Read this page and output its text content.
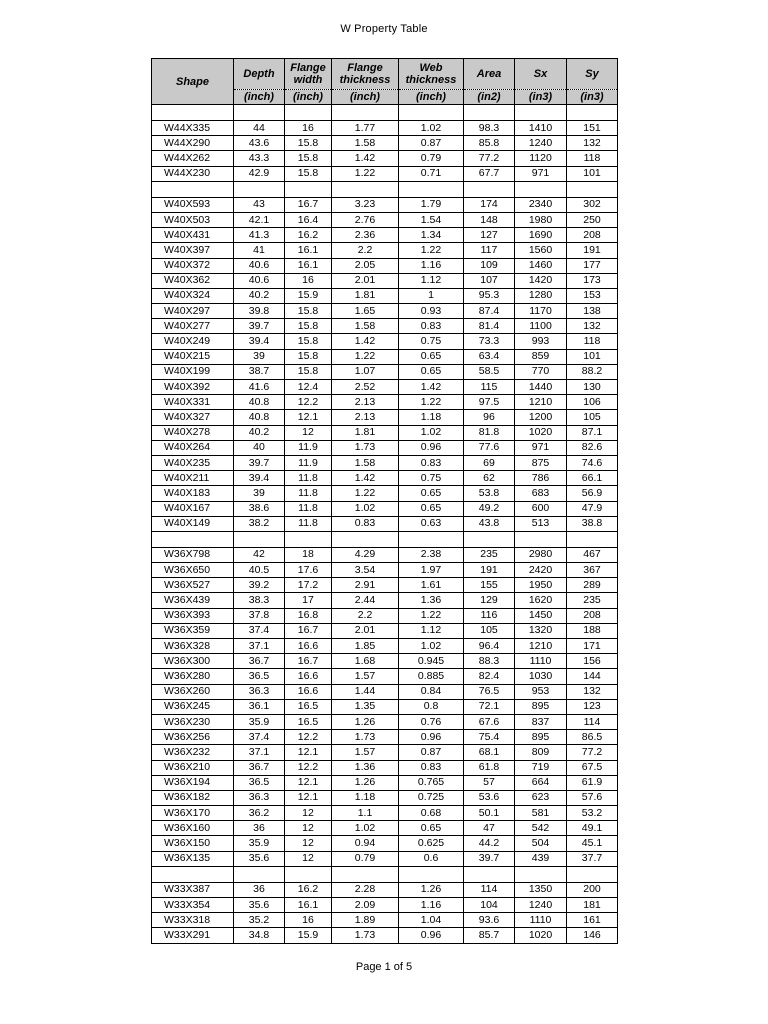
W Property Table
Shape	Depth	Flange width	Flange thickness	Web thickness	Area	Sx	Sy
	(inch)	(inch)	(inch)	(inch)	(in2)	(in3)	(in3)

W44X335	44	16	1.77	1.02	98.3	1410	151
W44X290	43.6	15.8	1.58	0.87	85.8	1240	132
W44X262	43.3	15.8	1.42	0.79	77.2	1120	118
W44X230	42.9	15.8	1.22	0.71	67.7	971	101

W40X593	43	16.7	3.23	1.79	174	2340	302
W40X503	42.1	16.4	2.76	1.54	148	1980	250
W40X431	41.3	16.2	2.36	1.34	127	1690	208
W40X397	41	16.1	2.2	1.22	117	1560	191
W40X372	40.6	16.1	2.05	1.16	109	1460	177
W40X362	40.6	16	2.01	1.12	107	1420	173
W40X324	40.2	15.9	1.81	1	95.3	1280	153
W40X297	39.8	15.8	1.65	0.93	87.4	1170	138
W40X277	39.7	15.8	1.58	0.83	81.4	1100	132
W40X249	39.4	15.8	1.42	0.75	73.3	993	118
W40X215	39	15.8	1.22	0.65	63.4	859	101
W40X199	38.7	15.8	1.07	0.65	58.5	770	88.2
W40X392	41.6	12.4	2.52	1.42	115	1440	130
W40X331	40.8	12.2	2.13	1.22	97.5	1210	106
W40X327	40.8	12.1	2.13	1.18	96	1200	105
W40X278	40.2	12	1.81	1.02	81.8	1020	87.1
W40X264	40	11.9	1.73	0.96	77.6	971	82.6
W40X235	39.7	11.9	1.58	0.83	69	875	74.6
W40X211	39.4	11.8	1.42	0.75	62	786	66.1
W40X183	39	11.8	1.22	0.65	53.8	683	56.9
W40X167	38.6	11.8	1.02	0.65	49.2	600	47.9
W40X149	38.2	11.8	0.83	0.63	43.8	513	38.8

W36X798	42	18	4.29	2.38	235	2980	467
W36X650	40.5	17.6	3.54	1.97	191	2420	367
W36X527	39.2	17.2	2.91	1.61	155	1950	289
W36X439	38.3	17	2.44	1.36	129	1620	235
W36X393	37.8	16.8	2.2	1.22	116	1450	208
W36X359	37.4	16.7	2.01	1.12	105	1320	188
W36X328	37.1	16.6	1.85	1.02	96.4	1210	171
W36X300	36.7	16.7	1.68	0.945	88.3	1110	156
W36X280	36.5	16.6	1.57	0.885	82.4	1030	144
W36X260	36.3	16.6	1.44	0.84	76.5	953	132
W36X245	36.1	16.5	1.35	0.8	72.1	895	123
W36X230	35.9	16.5	1.26	0.76	67.6	837	114
W36X256	37.4	12.2	1.73	0.96	75.4	895	86.5
W36X232	37.1	12.1	1.57	0.87	68.1	809	77.2
W36X210	36.7	12.2	1.36	0.83	61.8	719	67.5
W36X194	36.5	12.1	1.26	0.765	57	664	61.9
W36X182	36.3	12.1	1.18	0.725	53.6	623	57.6
W36X170	36.2	12	1.1	0.68	50.1	581	53.2
W36X160	36	12	1.02	0.65	47	542	49.1
W36X150	35.9	12	0.94	0.625	44.2	504	45.1
W36X135	35.6	12	0.79	0.6	39.7	439	37.7

W33X387	36	16.2	2.28	1.26	114	1350	200
W33X354	35.6	16.1	2.09	1.16	104	1240	181
W33X318	35.2	16	1.89	1.04	93.6	1110	161
W33X291	34.8	15.9	1.73	0.96	85.7	1020	146
Page 1 of 5
